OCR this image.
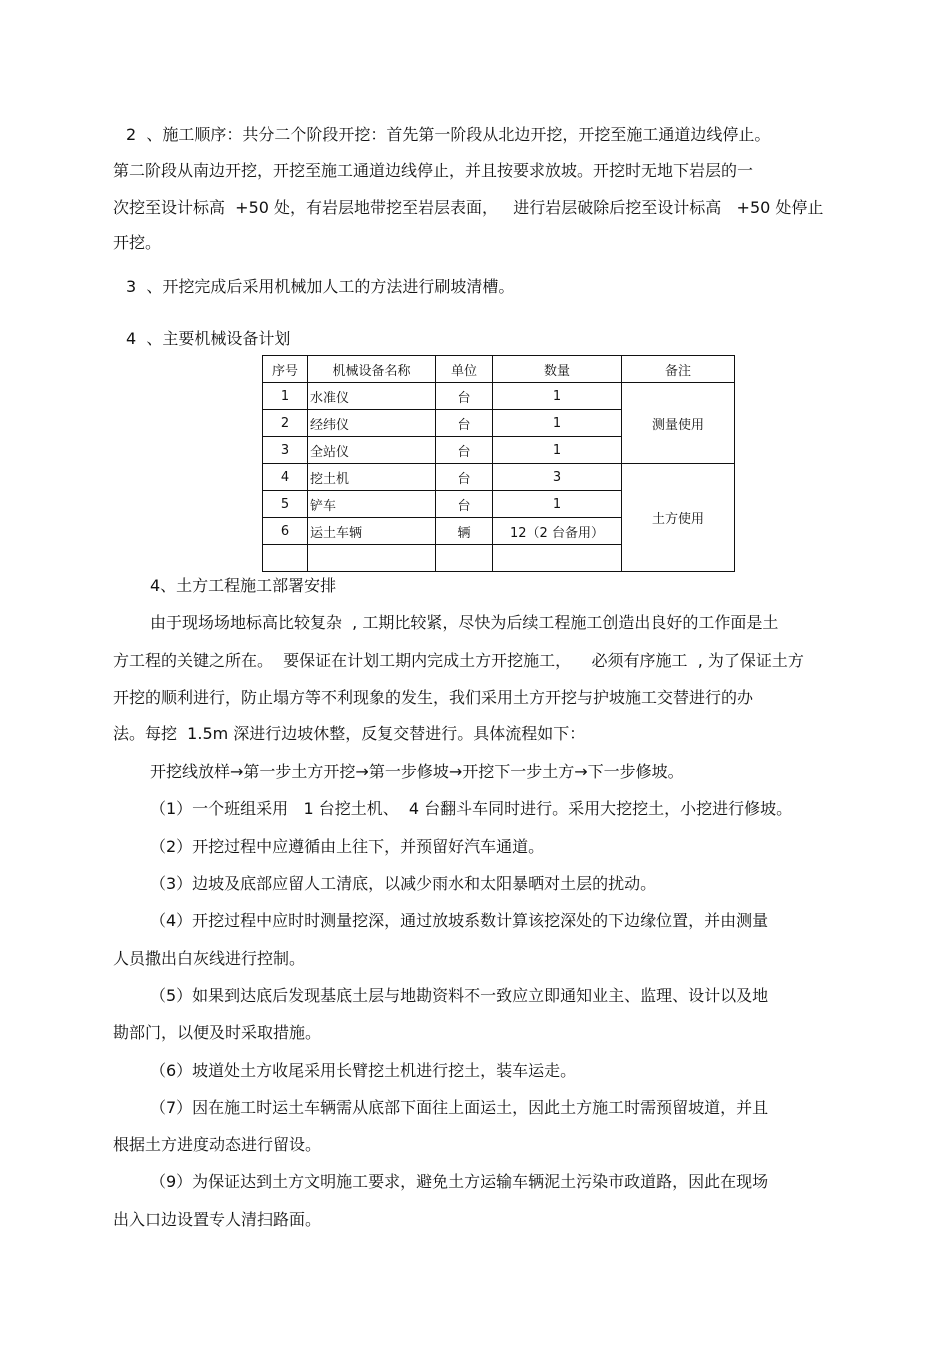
2  、施工顺序：共分二个阶段开挖：首先第一阶段从北边开挖，开挖至施工通道边线停止。
第二阶段从南边开挖，开挖至施工通道边线停止，并且按要求放坡。开挖时无地下岩层的一
次挖至设计标高  +50 处，有岩层地带挖至岩层表面，   进行岩层破除后挖至设计标高   +50 处停止
开挖。
3  、开挖完成后采用机械加人工的方法进行刷坡清槽。
4  、主要机械设备计划
序号	机械设备名称	单位	数量	备注
1	水准仪	台	1	测量使用
2	经纬仪	台	1	
3	全站仪	台	1	
4	挖土机	台	3	土方使用
5	铲车	台	1	
6	运土车辆	辆	12（2 台备用）	

4、土方工程施工部署安排
由于现场场地标高比较复杂  , 工期比较紧，尽快为后续工程施工创造出良好的工作面是土
方工程的关键之所在。  要保证在计划工期内完成土方开挖施工，    必须有序施工  , 为了保证土方
开挖的顺利进行，防止塌方等不利现象的发生，我们采用土方开挖与护坡施工交替进行的办
法。每挖  1.5m 深进行边坡休整，反复交替进行。具体流程如下：
开挖线放样→第一步土方开挖→第一步修坡→开挖下一步土方→下一步修坡。
（1）一个班组采用   1 台挖土机、  4 台翻斗车同时进行。采用大挖挖土，小挖进行修坡。
（2）开挖过程中应遵循由上往下，并预留好汽车通道。
（3）边坡及底部应留人工清底，以减少雨水和太阳暴晒对土层的扰动。
（4）开挖过程中应时时测量挖深，通过放坡系数计算该挖深处的下边缘位置，并由测量
人员撒出白灰线进行控制。
（5）如果到达底后发现基底土层与地勘资料不一致应立即通知业主、监理、设计以及地
勘部门，以便及时采取措施。
（6）坡道处土方收尾采用长臂挖土机进行挖土，装车运走。
（7）因在施工时运土车辆需从底部下面往上面运土，因此土方施工时需预留坡道，并且
根据土方进度动态进行留设。
（9）为保证达到土方文明施工要求，避免土方运输车辆泥土污染市政道路，因此在现场
出入口边设置专人清扫路面。
